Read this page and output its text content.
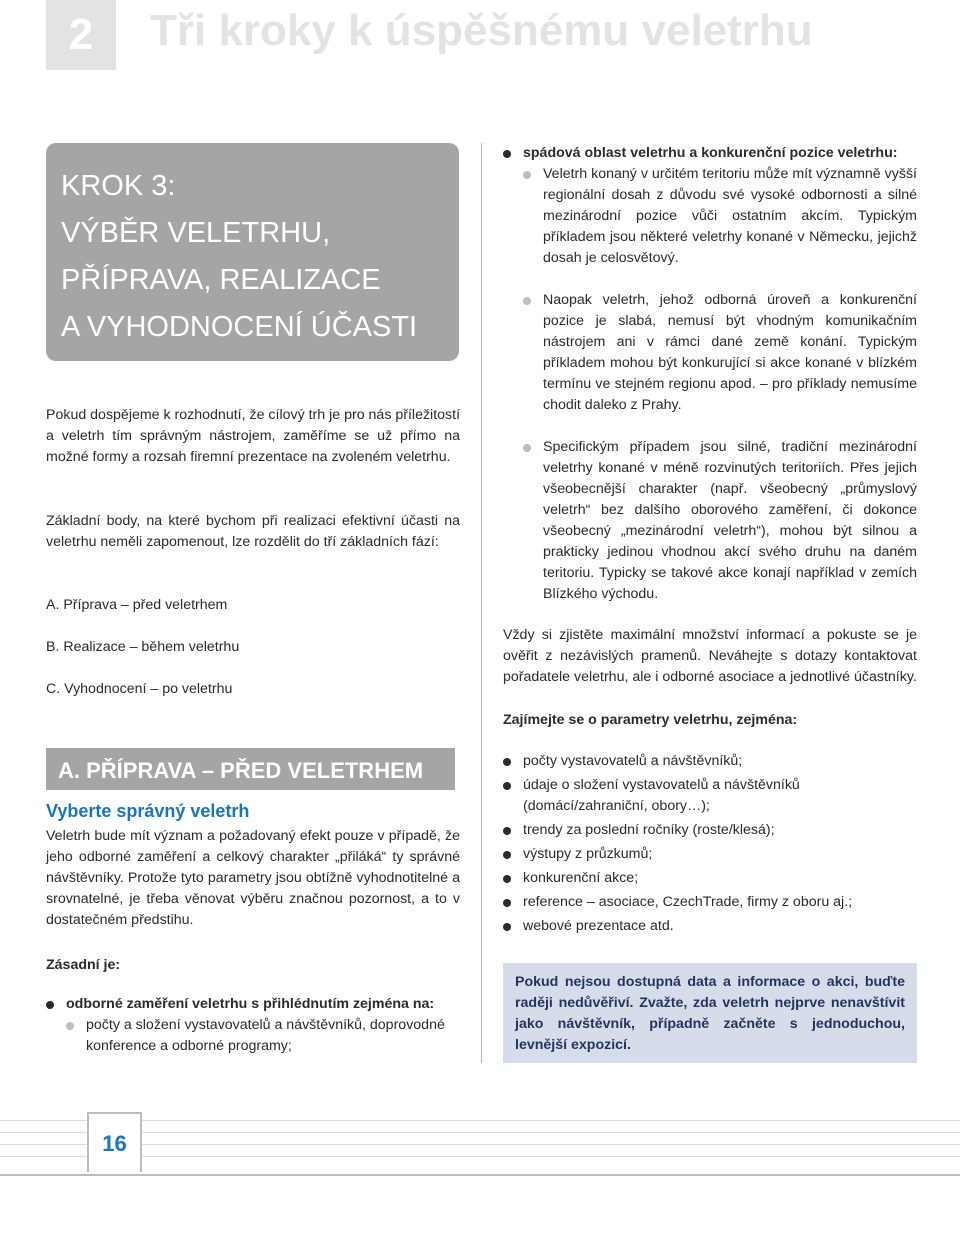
2	Tři kroky k úspěšnému veletrhu
KROK 3:
VÝBĚR VELETRHU,
PŘÍPRAVA, REALIZACE
A VYHODNOCENÍ ÚČASTI
Pokud dospějeme k rozhodnutí, že cílový trh je pro nás příležitostí a veletrh tím správným nástrojem, zaměříme se už přímo na možné formy a rozsah firemní prezentace na zvoleném veletrhu.
Základní body, na které bychom při realizaci efektivní účasti na veletrhu neměli zapomenout, lze rozdělit do tří základních fází:
A. Příprava – před veletrhem
B. Realizace – během veletrhu
C. Vyhodnocení – po veletrhu
A. PŘÍPRAVA – PŘED VELETRHEM
Vyberte správný veletrh
Veletrh bude mít význam a požadovaný efekt pouze v případě, že jeho odborné zaměření a celkový charakter „přiláká“ ty správné návštěvníky. Protože tyto parametry jsou obtížně vyhodnotitelné a srovnatelné, je třeba věnovat výběru značnou pozornost, a to v dostatečném předstihu.
Zásadní je:
odborné zaměření veletrhu s přihlédnutím zejména na:
počty a složení vystavovatelů a návštěvníků, doprovodné konference a odborné programy;
spádová oblast veletrhu a konkurenční pozice veletrhu:
Veletrh konaný v určitém teritoriu může mít významně vyšší regionální dosah z důvodu své vysoké odbornosti a silné mezinárodní pozice vůči ostatním akcím. Typickým příkladem jsou některé veletrhy konané v Německu, jejichž dosah je celosvětový.
Naopak veletrh, jehož odborná úroveň a konkurenční pozice je slabá, nemusí být vhodným komunikačním nástrojem ani v rámci dané země konání. Typickým příkladem mohou být konkurující si akce konané v blízkém termínu ve stejném regionu apod. – pro příklady nemusíme chodit daleko z Prahy.
Specifickým případem jsou silné, tradiční mezinárodní veletrhy konané v méně rozvinutých teritoriích. Přes jejich všeobecnější charakter (např. všeobecný „průmyslový veletrh“ bez dalšího oborového zaměření, či dokonce všeobecný „mezinárodní veletrh“), mohou být silnou a prakticky jedinou vhodnou akcí svého druhu na daném teritoriu. Typicky se takové akce konají například v zemích Blízkého východu.
Vždy si zjistěte maximální množství informací a pokuste se je ověřit z nezávislých pramenů. Neváhejte s dotazy kontaktovat pořadatele veletrhu, ale i odborné asociace a jednotlivé účastníky.
Zajímejte se o parametry veletrhu, zejména:
počty vystavovatelů a návštěvníků;
údaje o složení vystavovatelů a návštěvníků (domácí/zahraniční, obory…);
trendy za poslední ročníky (roste/klesá);
výstupy z průzkumů;
konkurenční akce;
reference – asociace, CzechTrade, firmy z oboru aj.;
webové prezentace atd.
Pokud nejsou dostupná data a informace o akci, buďte raději nedůvěřiví. Zvažte, zda veletrh nejprve nenavštívit jako návštěvník, případně začněte s jednoduchou, levnější expozicí.
16
